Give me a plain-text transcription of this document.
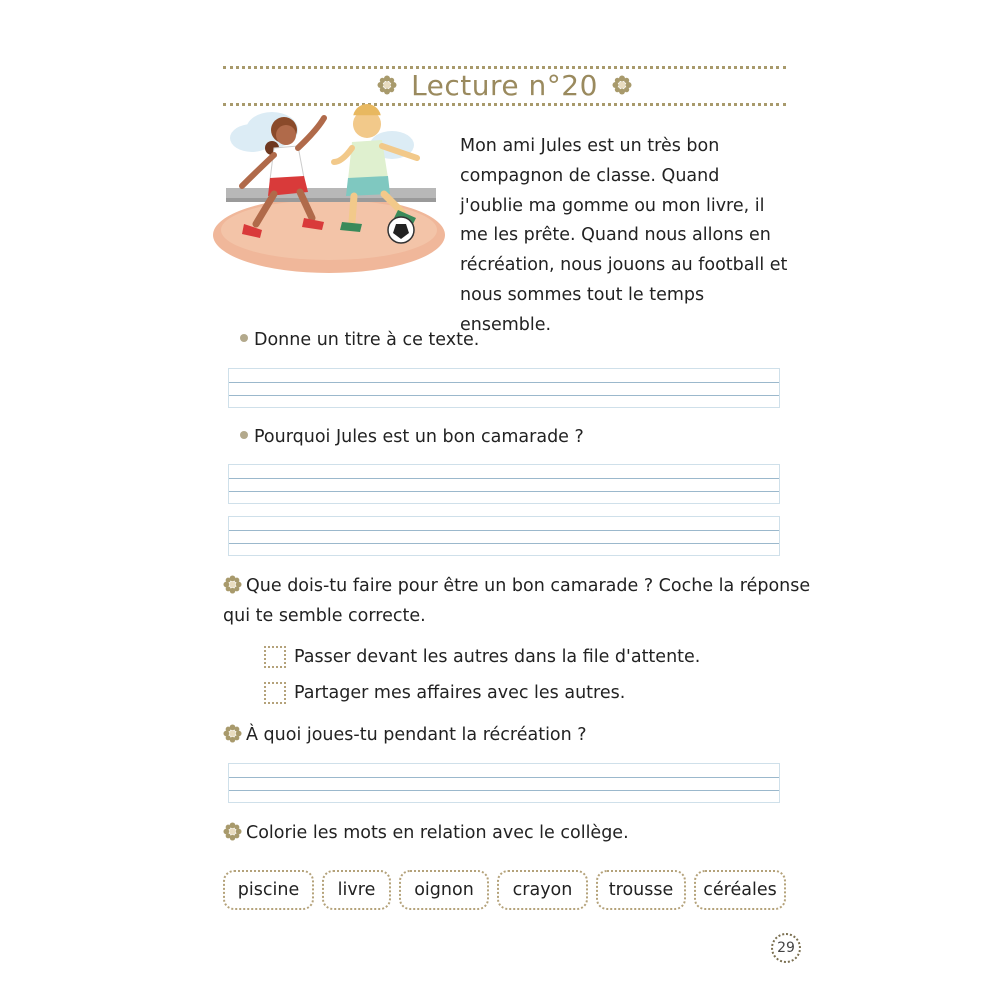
Lecture n°20
Mon ami Jules est un très bon
compagnon de classe. Quand
j'oublie ma gomme ou mon livre, il
me les prête. Quand nous allons en
récréation, nous jouons au football et
nous sommes tout le temps ensemble.
Donne un titre à ce texte.
Pourquoi Jules est un bon camarade ?
Que dois-tu faire pour être un bon camarade ? Coche la réponse
qui te semble correcte.
Passer devant les autres dans la file d'attente.
Partager mes affaires avec les autres.
À quoi joues-tu pendant la récréation ?
Colorie les mots en relation avec le collège.
piscine	livre	oignon	crayon	trousse	céréales
29
